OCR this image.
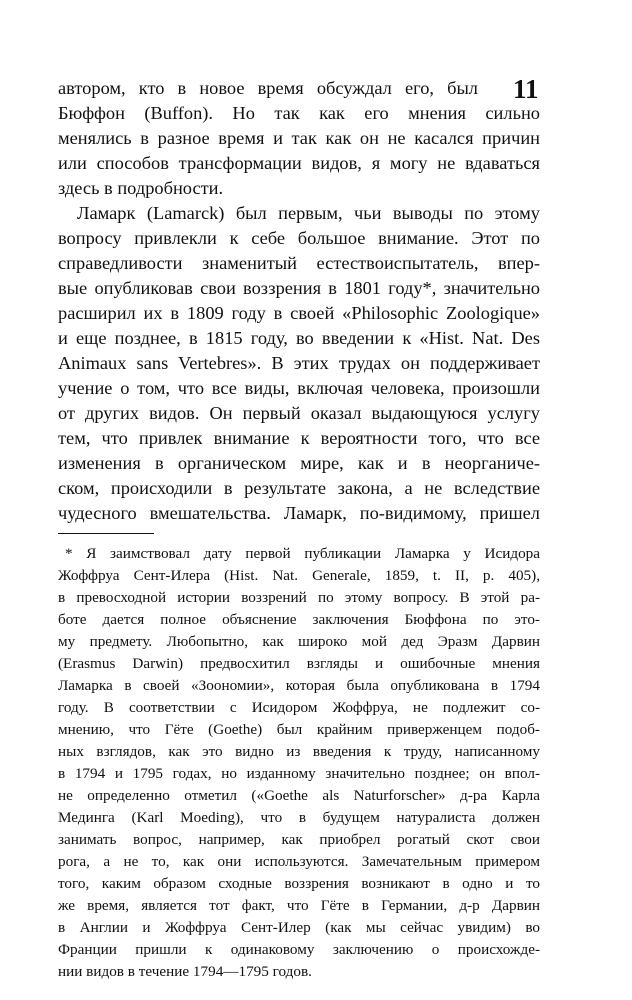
11
автором, кто в новое время обсуждал его, был
Бюффон (Buffon). Но так как его мнения сильно
менялись в разное время и так как он не касался причин
или способов трансформации видов, я могу не вдаваться
здесь в подробности.
Ламарк (Lamarck) был первым, чьи выводы по этому
вопросу привлекли к себе большое внимание. Этот по
справедливости знаменитый естествоиспытатель, впер-
вые опубликовав свои воззрения в 1801 году*, значительно
расширил их в 1809 году в своей «Philosophic Zoologique»
и еще позднее, в 1815 году, во введении к «Hist. Nat. Des
Animaux sans Vertebres». В этих трудах он поддерживает
учение о том, что все виды, включая человека, произошли
от других видов. Он первый оказал выдающуюся услугу
тем, что привлек внимание к вероятности того, что все
изменения в органическом мире, как и в неорганиче-
ском, происходили в результате закона, а не вследствие
чудесного вмешательства. Ламарк, по-видимому, пришел
* Я заимствовал дату первой публикации Ламарка у Исидора
Жоффруа Сент-Илера (Hist. Nat. Generale, 1859, t. II, p. 405),
в превосходной истории воззрений по этому вопросу. В этой ра-
боте дается полное объяснение заключения Бюффона по это-
му предмету. Любопытно, как широко мой дед Эразм Дарвин
(Erasmus Darwin) предвосхитил взгляды и ошибочные мнения
Ламарка в своей «Зоономии», которая была опубликована в 1794
году. В соответствии с Исидором Жоффруа, не подлежит со-
мнению, что Гёте (Goethe) был крайним приверженцем подоб-
ных взглядов, как это видно из введения к труду, написанному
в 1794 и 1795 годах, но изданному значительно позднее; он впол-
не определенно отметил («Goethe als Naturforscher» д-ра Карла
Медингa (Karl Moeding), что в будущем натуралиста должен
занимать вопрос, например, как приобрел рогатый скот свои
рога, а не то, как они используются. Замечательным примером
того, каким образом сходные воззрения возникают в одно и то
же время, является тот факт, что Гёте в Германии, д-р Дарвин
в Англии и Жоффруа Сент-Илер (как мы сейчас увидим) во
Франции пришли к одинаковому заключению о происхожде-
нии видов в течение 1794—1795 годов.
